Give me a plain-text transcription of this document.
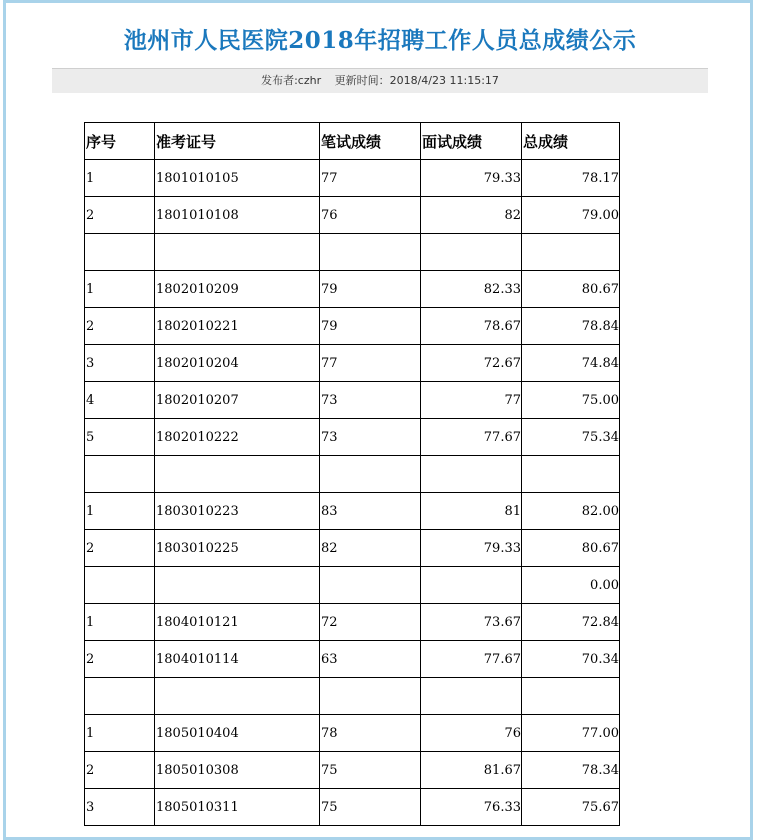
池州市人民医院2018年招聘工作人员总成绩公示
发布者:czhr 更新时间：2018/4/23 11:15:17
序号	准考证号	笔试成绩	面试成绩	总成绩
1	1801010105	77	79.33	78.17
2	1801010108	76	82	79.00

1	1802010209	79	82.33	80.67
2	1802010221	79	78.67	78.84
3	1802010204	77	72.67	74.84
4	1802010207	73	77	75.00
5	1802010222	73	77.67	75.34

1	1803010223	83	81	82.00
2	1803010225	82	79.33	80.67
				0.00
1	1804010121	72	73.67	72.84
2	1804010114	63	77.67	70.34

1	1805010404	78	76	77.00
2	1805010308	75	81.67	78.34
3	1805010311	75	76.33	75.67
